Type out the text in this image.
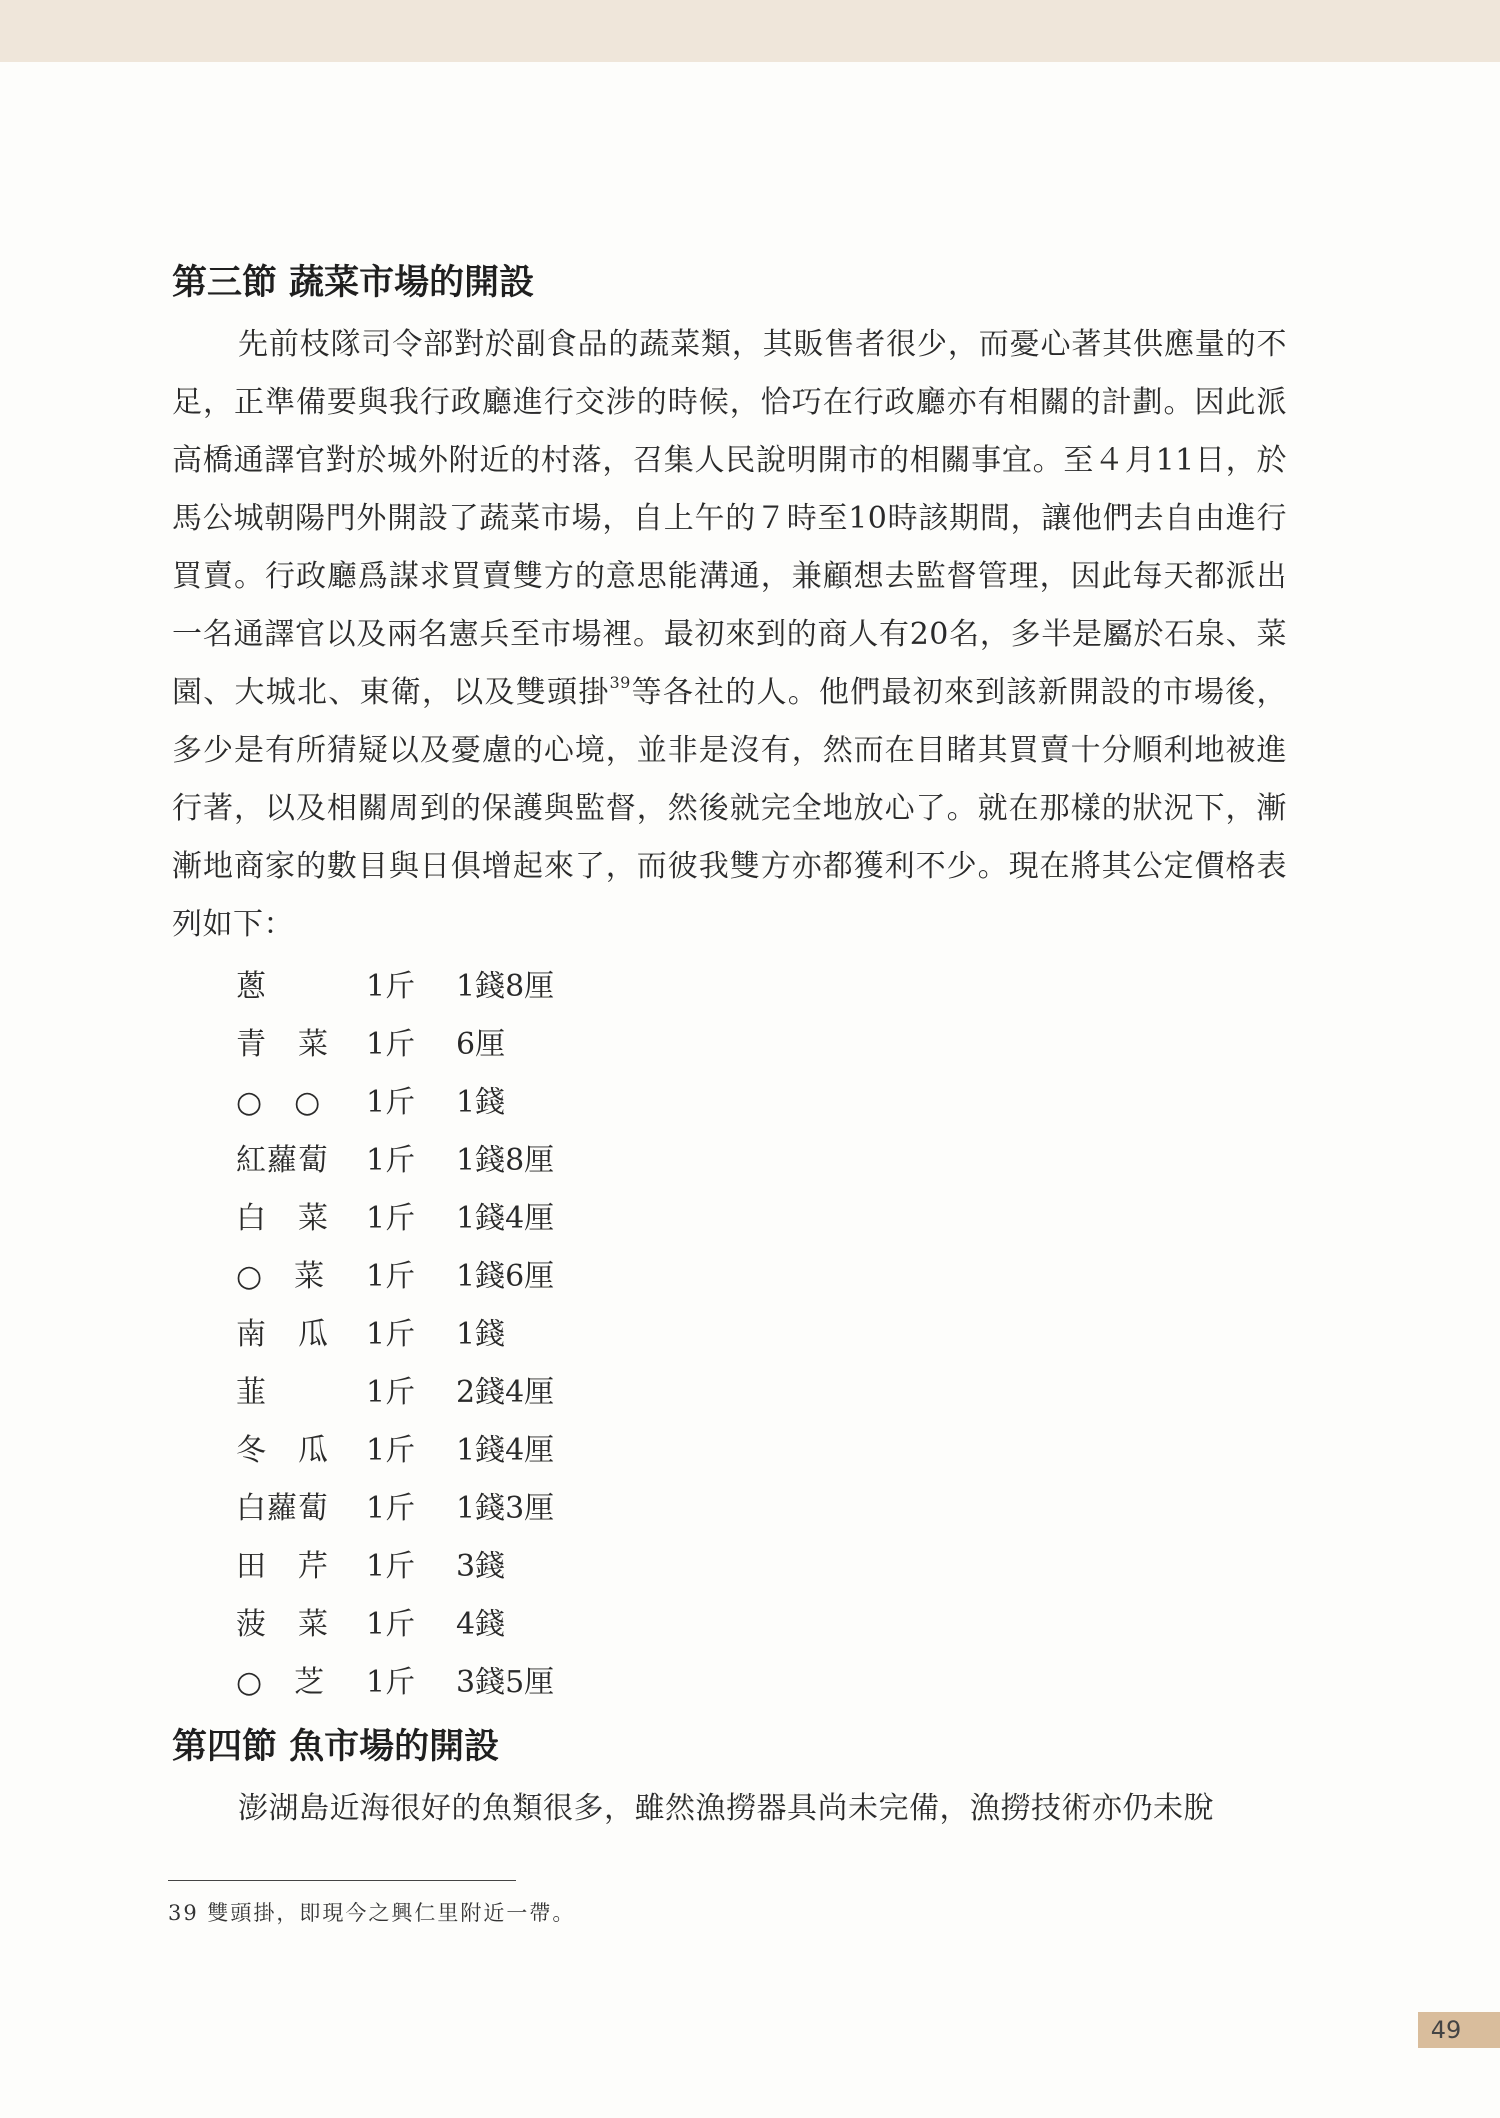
第三節 蔬菜市場的開設

先前枝隊司令部對於副食品的蔬菜類，其販售者很少，而憂心著其供應量的不足，正準備要與我行政廳進行交涉的時候，恰巧在行政廳亦有相關的計劃。因此派高橋通譯官對於城外附近的村落，召集人民說明開市的相關事宜。至４月11日，於馬公城朝陽門外開設了蔬菜市場，自上午的７時至10時該期間，讓他們去自由進行買賣。行政廳爲謀求買賣雙方的意思能溝通，兼顧想去監督管理，因此每天都派出一名通譯官以及兩名憲兵至市場裡。最初來到的商人有20名，多半是屬於石泉、菜園、大城北、東衛，以及雙頭掛$^{39}$等各社的人。他們最初來到該新開設的市場後，多少是有所猜疑以及憂慮的心境，並非是沒有，然而在目睹其買賣十分順利地被進行著，以及相關周到的保護與監督，然後就完全地放心了。就在那樣的狀況下，漸漸地商家的數目與日俱增起來了，而彼我雙方亦都獲利不少。現在將其公定價格表列如下：

蔥	1斤	1錢8厘
青　菜	1斤	6厘
○　○	1斤	1錢
紅蘿蔔	1斤	1錢8厘
白　菜	1斤	1錢4厘
○　菜	1斤	1錢6厘
南　瓜	1斤	1錢
韮	1斤	2錢4厘
冬　瓜	1斤	1錢4厘
白蘿蔔	1斤	1錢3厘
田　芹	1斤	3錢
菠　菜	1斤	4錢
○　芝	1斤	3錢5厘
第四節 魚市場的開設

澎湖島近海很好的魚類很多，雖然漁撈器具尚未完備，漁撈技術亦仍未脫

39 雙頭掛，即現今之興仁里附近一帶。
49
